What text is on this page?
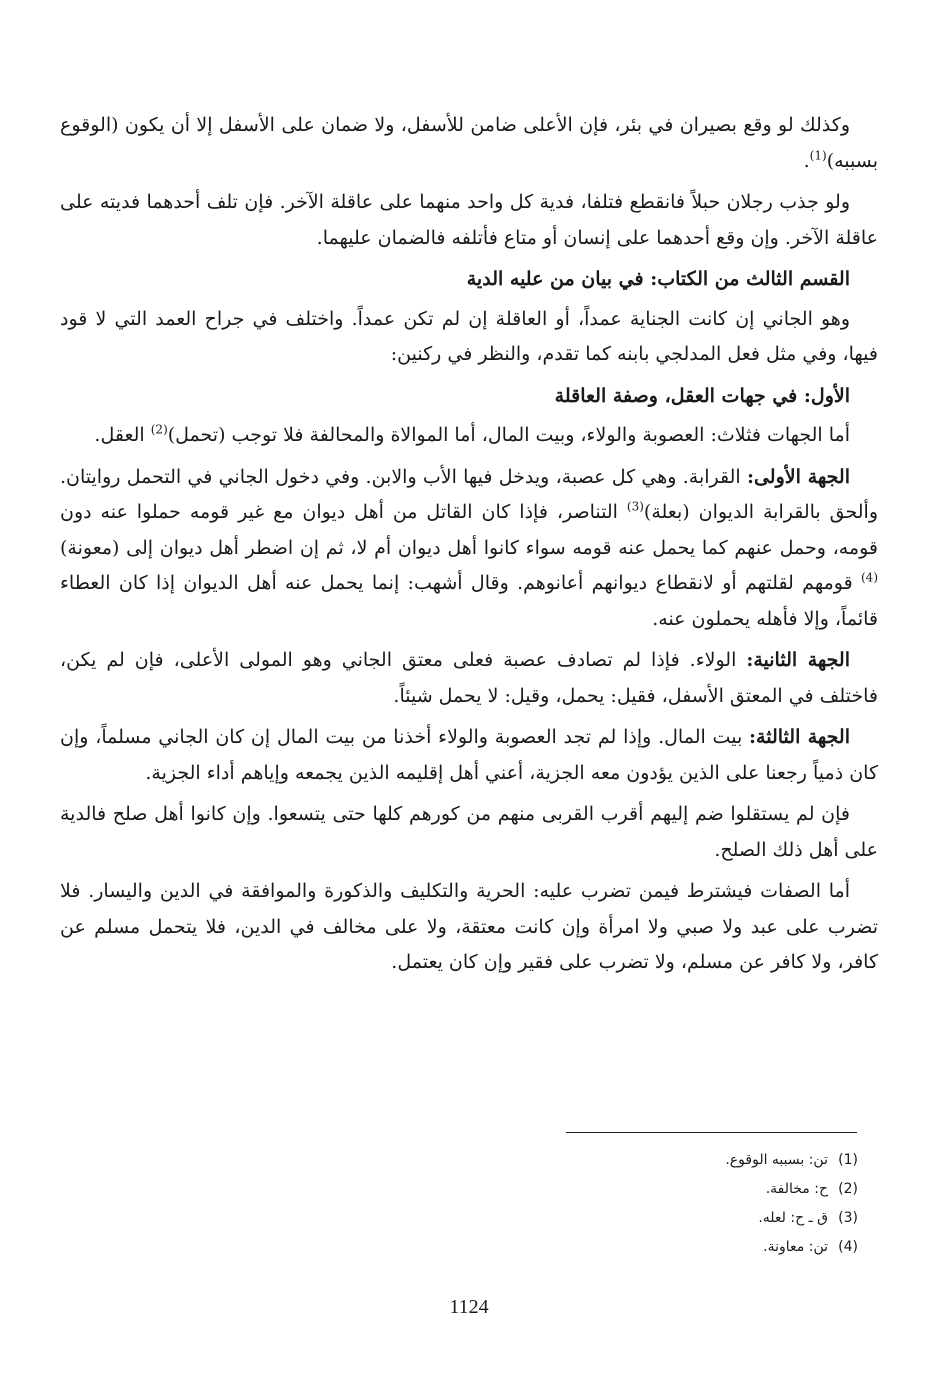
وكذلك لو وقع بصيران في بئر، فإن الأعلى ضامن للأسفل، ولا ضمان على الأسفل إلا أن يكون (الوقوع بسببه)$^{(1)}$.

ولو جذب رجلان حبلاً فانقطع فتلفا، فدية كل واحد منهما على عاقلة الآخر. فإن تلف أحدهما فديته على عاقلة الآخر. وإن وقع أحدهما على إنسان أو متاع فأتلفه فالضمان عليهما.

القسم الثالث من الكتاب: في بيان من عليه الدية

وهو الجاني إن كانت الجناية عمداً، أو العاقلة إن لم تكن عمداً. واختلف في جراح العمد التي لا قود فيها، وفي مثل فعل المدلجي بابنه كما تقدم، والنظر في ركنين:

الأول: في جهات العقل، وصفة العاقلة

أما الجهات فثلاث: العصوبة والولاء، وبيت المال، أما الموالاة والمحالفة فلا توجب (تحمل)$^{(2)}$ العقل.

الجهة الأولى: القرابة. وهي كل عصبة، ويدخل فيها الأب والابن. وفي دخول الجاني في التحمل روايتان. وألحق بالقرابة الديوان (بعلة)$^{(3)}$ التناصر، فإذا كان القاتل من أهل ديوان مع غير قومه حملوا عنه دون قومه، وحمل عنهم كما يحمل عنه قومه سواء كانوا أهل ديوان أم لا، ثم إن اضطر أهل ديوان إلى (معونة)$^{(4)}$ قومهم لقلتهم أو لانقطاع ديوانهم أعانوهم. وقال أشهب: إنما يحمل عنه أهل الديوان إذا كان العطاء قائماً، وإلا فأهله يحملون عنه.

الجهة الثانية: الولاء. فإذا لم تصادف عصبة فعلى معتق الجاني وهو المولى الأعلى، فإن لم يكن، فاختلف في المعتق الأسفل، فقيل: يحمل، وقيل: لا يحمل شيئاً.

الجهة الثالثة: بيت المال. وإذا لم تجد العصوبة والولاء أخذنا من بيت المال إن كان الجاني مسلماً، وإن كان ذمياً رجعنا على الذين يؤدون معه الجزية، أعني أهل إقليمه الذين يجمعه وإياهم أداء الجزية.

فإن لم يستقلوا ضم إليهم أقرب القربى منهم من كورهم كلها حتى يتسعوا. وإن كانوا أهل صلح فالدية على أهل ذلك الصلح.

أما الصفات فيشترط فيمن تضرب عليه: الحرية والتكليف والذكورة والموافقة في الدين واليسار. فلا تضرب على عبد ولا صبي ولا امرأة وإن كانت معتقة، ولا على مخالف في الدين، فلا يتحمل مسلم عن كافر، ولا كافر عن مسلم، ولا تضرب على فقير وإن كان يعتمل.

(1)تن: بسببه الوقوع.
(2)ح: مخالفة.
(3)ق ـ ح: لعله.
(4)تن: معاونة.
1124
